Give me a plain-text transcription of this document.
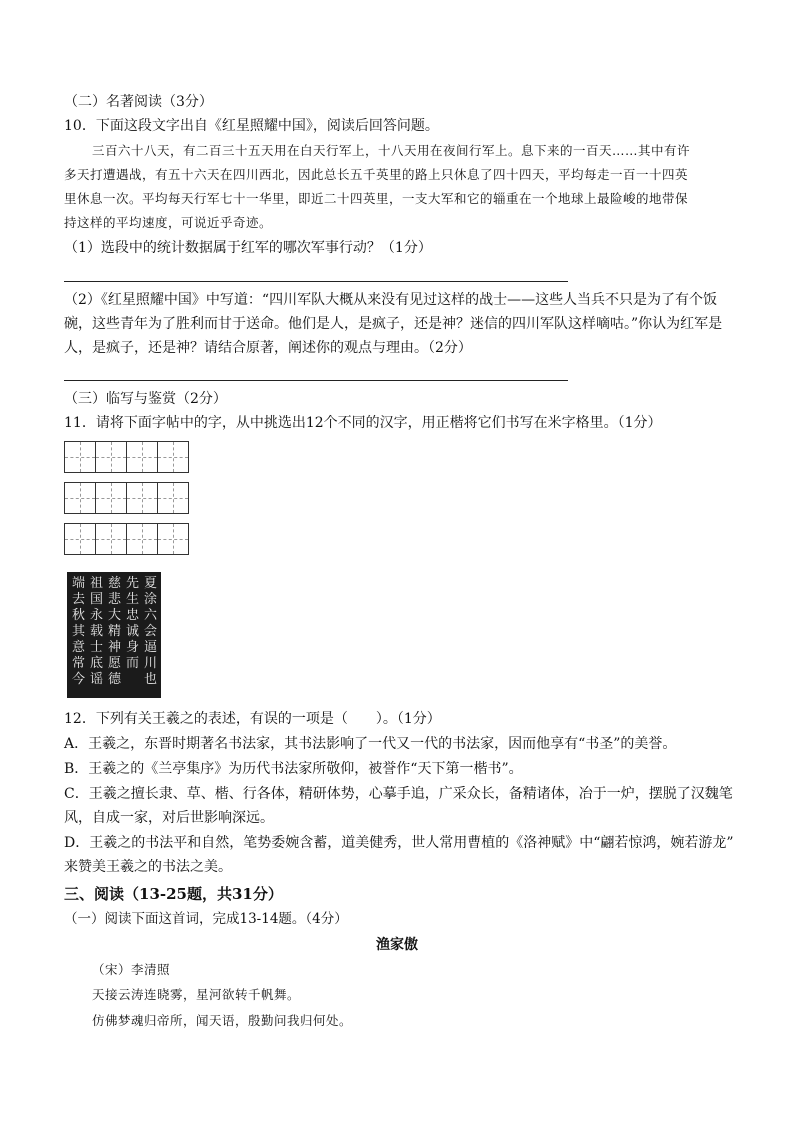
（二）名著阅读（3分）
10．下面这段文字出自《红星照耀中国》，阅读后回答问题。
三百六十八天，有二百三十五天用在白天行军上，十八天用在夜间行军上。息下来的一百天……其中有许
多天打遭遇战，有五十六天在四川西北，因此总长五千英里的路上只休息了四十四天，平均每走一百一十四英
里休息一次。平均每天行军七十一华里，即近二十四英里，一支大军和它的辎重在一个地球上最险峻的地带保
持这样的平均速度，可说近乎奇迹。
（1）选段中的统计数据属于红军的哪次军事行动？（1分）
（2）《红星照耀中国》中写道：“四川军队大概从来没有见过这样的战士——这些人当兵不只是为了有个饭
碗，这些青年为了胜利而甘于送命。他们是人，是疯子，还是神？迷信的四川军队这样嘀咕。”你认为红军是
人，是疯子，还是神？请结合原著，阐述你的观点与理由。（2分）
（三）临写与鉴赏（2分）
11．请将下面字帖中的字，从中挑选出12个不同的汉字，用正楷将它们书写在米字格里。（1分）
夏
涂
六
会
逼
川
也
先
生
忠
诚
身
而
慈
悲
大
精
神
愿
德
祖
国
永
载
士
底
谣
端
去
秋
其
意
常
今
12．下列有关王羲之的表述，有误的一项是（　　）。（1分）
A．王羲之，东晋时期著名书法家，其书法影响了一代又一代的书法家，因而他享有“书圣”的美誉。
B．王羲之的《兰亭集序》为历代书法家所敬仰，被誉作“天下第一楷书”。
C．王羲之擅长隶、草、楷、行各体，精研体势，心摹手追，广采众长，备精诸体，冶于一炉，摆脱了汉魏笔
风，自成一家，对后世影响深远。
D．王羲之的书法平和自然，笔势委婉含蓄，道美健秀，世人常用曹植的《洛神赋》中“翩若惊鸿，婉若游龙”
来赞美王羲之的书法之美。
三、阅读（13-25题，共31分）
（一）阅读下面这首词，完成13-14题。（4分）
渔家傲
（宋）李清照
天接云涛连晓雾，星河欲转千帆舞。
仿佛梦魂归帝所，闻天语，殷勤问我归何处。
